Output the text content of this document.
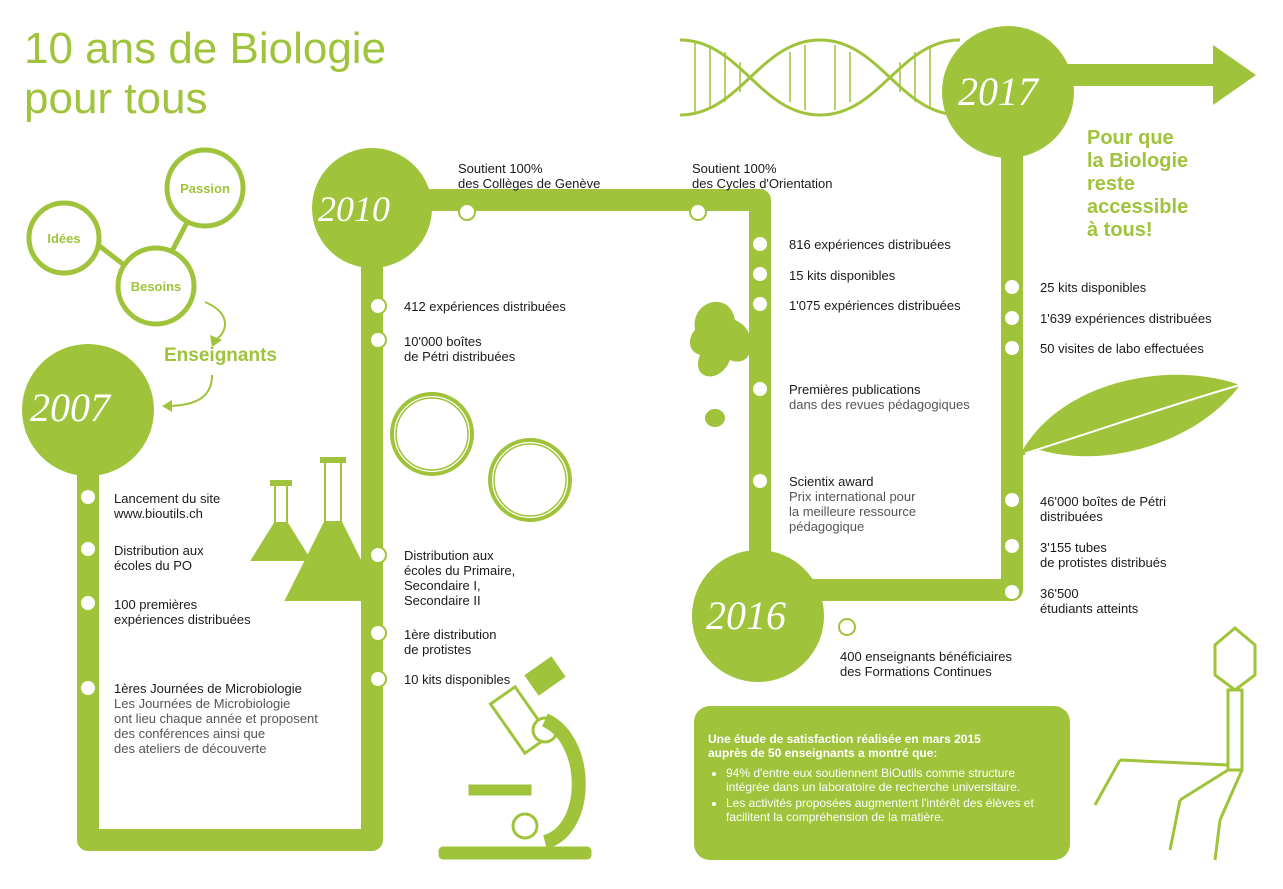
10 ans de Biologie
pour tous
Idées
Passion
Besoins
Enseignants
2007
2010
2016
2017
Pour que
la Biologie
reste
accessible
à tous!
Lancement du site
www.bioutils.ch
Distribution aux
écoles du PO
100 premières
expériences distribuées
1ères Journées de Microbiologie
Les Journées de Microbiologie
ont lieu chaque année et proposent
des conférences ainsi que
des ateliers de découverte
Soutient 100%
des Collèges de Genève
Soutient 100%
des Cycles d'Orientation
412 expériences distribuées
10'000 boîtes
de Pétri distribuées
Distribution aux
écoles du Primaire,
Secondaire I,
Secondaire II
1ère distribution
de protistes
10 kits disponibles
816 expériences distribuées
15 kits disponibles
1'075 expériences distribuées
Premières publications
dans des revues pédagogiques
Scientix award
Prix international pour
la meilleure ressource
pédagogique
400 enseignants bénéficiaires
des Formations Continues
25 kits disponibles
1'639 expériences distribuées
50 visites de labo effectuées
46'000 boîtes de Pétri
distribuées
3'155 tubes
de protistes distribués
36'500
étudiants atteints
Une étude de satisfaction réalisée en mars 2015
auprès de 50 enseignants a montré que:
• 94% d'entre eux soutiennent BiOutils comme structure intégrée dans un laboratoire de recherche universitaire.
• Les activités proposées augmentent l'intérêt des élèves et facilitent la compréhension de la matière.
